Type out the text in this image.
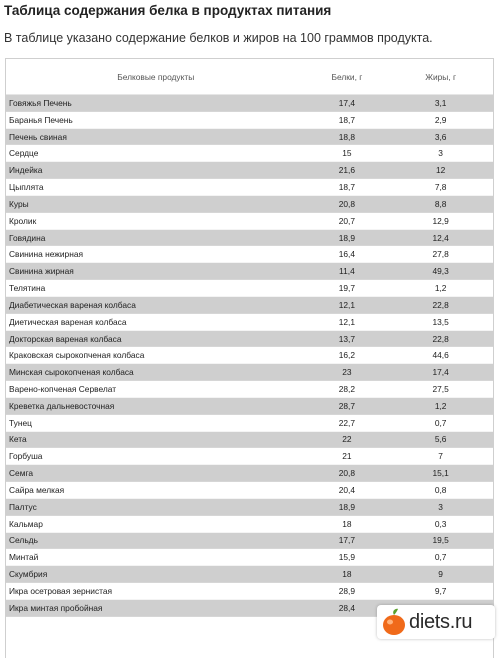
Таблица содержания белка в продуктах питания
В таблице указано содержание белков и жиров на 100 граммов продукта.
Белковые продукты	Белки, г	Жиры, г
Говяжья Печень	17,4	3,1
Баранья Печень	18,7	2,9
Печень свиная	18,8	3,6
Сердце	15	3
Индейка	21,6	12
Цыплята	18,7	7,8
Куры	20,8	8,8
Кролик	20,7	12,9
Говядина	18,9	12,4
Свинина нежирная	16,4	27,8
Свинина жирная	11,4	49,3
Телятина	19,7	1,2
Диабетическая вареная колбаса	12,1	22,8
Диетическая вареная колбаса	12,1	13,5
Докторская вареная колбаса	13,7	22,8
Краковская сырокопченая колбаса	16,2	44,6
Минская сырокопченая колбаса	23	17,4
Варено-копченая Сервелат	28,2	27,5
Креветка дальневосточная	28,7	1,2
Тунец	22,7	0,7
Кета	22	5,6
Горбуша	21	7
Семга	20,8	15,1
Сайра мелкая	20,4	0,8
Палтус	18,9	3
Кальмар	18	0,3
Сельдь	17,7	19,5
Минтай	15,9	0,7
Скумбрия	18	9
Икра осетровая зернистая	28,9	9,7
Икра минтая пробойная	28,4	
diets.ru
